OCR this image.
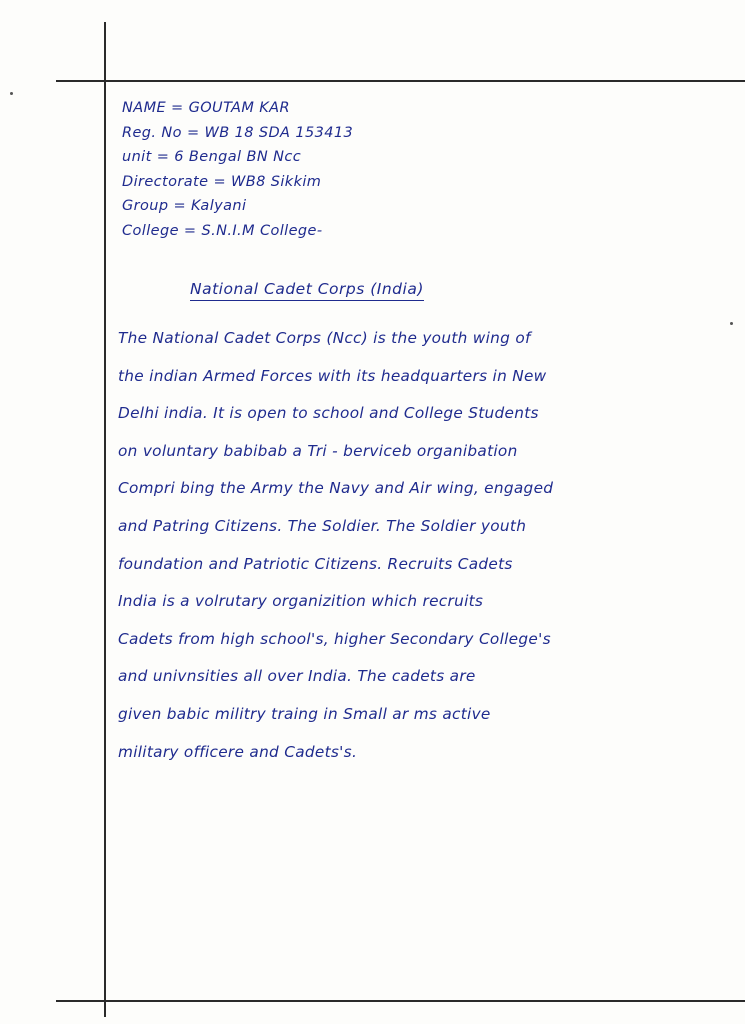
NAME = GOUTAM KAR
Reg. No = WB 18 SDA 153413
unit = 6 Bengal BN Ncc
Directorate = WB8 Sikkim
Group = Kalyani
College = S.N.I.M College-
National Cadet Corps (India)
The National Cadet Corps (Ncc) is the youth wing of
the indian Armed Forces with its headquarters in New
Delhi india. It is open to school and College Students
on voluntary babibab a Tri - berviceb organibation
Compri bing the Army the Navy and Air wing, engaged
and Patring Citizens. The Soldier. The Soldier youth
foundation and Patriotic Citizens. Recruits Cadets
India is a volrutary organizition which recruits
Cadets from high school's, higher Secondary College's
and univnsities all over India. The cadets are
given babic militry traing in Small ar ms active
military officere and Cadets's.
